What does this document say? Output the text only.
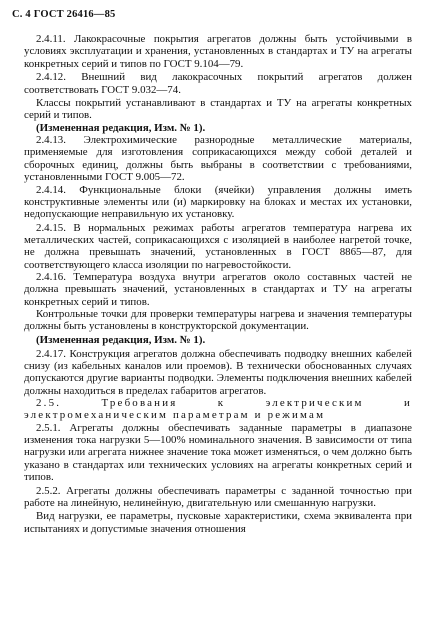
С. 4 ГОСТ 26416—85

2.4.11. Лакокрасочные покрытия агрегатов должны быть устойчивыми в условиях эксплуатации и хранения, установленных в стандартах и ТУ на агрегаты конкретных серий и типов по ГОСТ 9.104—79.

2.4.12. Внешний вид лакокрасочных покрытий агрегатов должен соответствовать ГОСТ 9.032—74.

Классы покрытий устанавливают в стандартах и ТУ на агрегаты конкретных серий и типов.

(Измененная редакция, Изм. № 1).

2.4.13. Электрохимические разнородные металлические материалы, применяемые для изготовления соприкасающихся между собой деталей и сборочных единиц, должны быть выбраны в соответствии с требованиями, установленными ГОСТ 9.005—72.

2.4.14. Функциональные блоки (ячейки) управления должны иметь конструктивные элементы или (и) маркировку на блоках и местах их установки, недопускающие неправильную их установку.

2.4.15. В нормальных режимах работы агрегатов температура нагрева их металлических частей, соприкасающихся с изоляцией в наиболее нагретой точке, не должна превышать значений, установленных в ГОСТ 8865—87, для соответствующего класса изоляции по нагревостойкости.

2.4.16. Температура воздуха внутри агрегатов около составных частей не должна превышать значений, установленных в стандартах и ТУ на агрегаты конкретных серий и типов.

Контрольные точки для проверки температуры нагрева и значения температуры должны быть установлены в конструкторской документации.

(Измененная редакция, Изм. № 1).

2.4.17. Конструкция агрегатов должна обеспечивать подводку внешних кабелей снизу (из кабельных каналов или проемов). В технически обоснованных случаях допускаются другие варианты подводки. Элементы подключения внешних кабелей должны находиться в пределах габаритов агрегатов.

2.5. Требования к электрическим и электромеханическим параметрам и режимам

2.5.1. Агрегаты должны обеспечивать заданные параметры в диапазоне изменения тока нагрузки 5—100% номинального значения. В зависимости от типа нагрузки или агрегата нижнее значение тока может изменяться, о чем должно быть указано в стандартах или технических условиях на агрегаты конкретных серий и типов.

2.5.2. Агрегаты должны обеспечивать параметры с заданной точностью при работе на линейную, нелинейную, двигательную или смешанную нагрузки.

Вид нагрузки, ее параметры, пусковые характеристики, схема эквивалента при испытаниях и допустимые значения отношения
